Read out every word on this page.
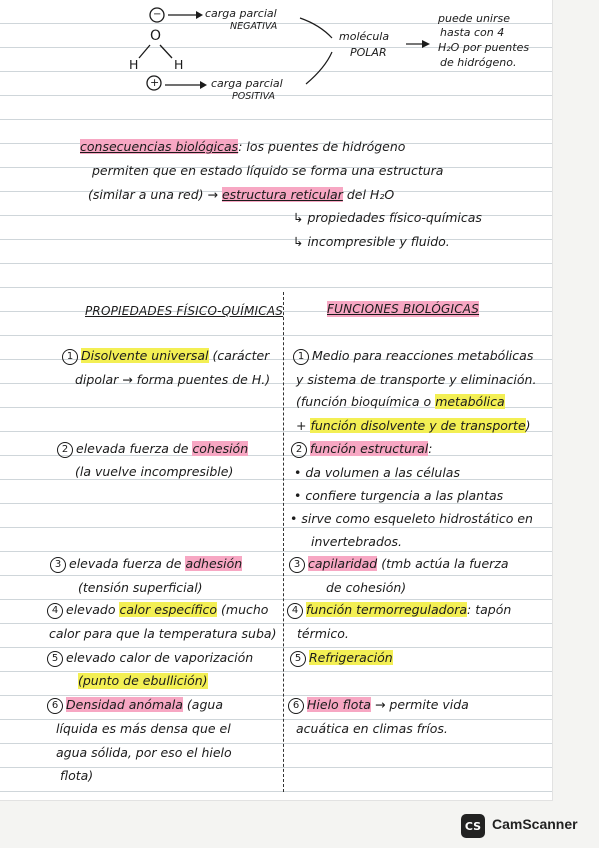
−
O
H	H
+
carga parcial
NEGATIVA
carga parcial
POSITIVA
molécula
POLAR
puede unirse
hasta con 4
H₂O por puentes
de hidrógeno.
consecuencias biológicas: los puentes de hidrógeno
permiten que en estado líquido se forma una estructura
(similar a una red) → estructura reticular del H₂O
↳ propiedades físico-químicas
↳ incompresible y fluido.
PROPIEDADES FÍSICO-QUÍMICAS	FUNCIONES BIOLÓGICAS
1 Disolvente universal (carácter
dipolar → forma puentes de H.)
2 elevada fuerza de cohesión
(la vuelve incompresible)
3 elevada fuerza de adhesión
(tensión superficial)
4 elevado calor específico (mucho
calor para que la temperatura suba)
5 elevado calor de vaporización
(punto de ebullición)
6 Densidad anómala (agua
líquida es más densa que el
agua sólida, por eso el hielo
flota)
1 Medio para reacciones metabólicas
y sistema de transporte y eliminación.
(función bioquímica o metabólica
+ función disolvente y de transporte)
2 función estructural:
• da volumen a las células
• confiere turgencia a las plantas
• sirve como esqueleto hidrostático en
invertebrados.
3 capilaridad (tmb actúa la fuerza
de cohesión)
4 función termorreguladora: tapón
térmico.
5 Refrigeración
6 Hielo flota → permite vida
acuática en climas fríos.
CS CamScanner
